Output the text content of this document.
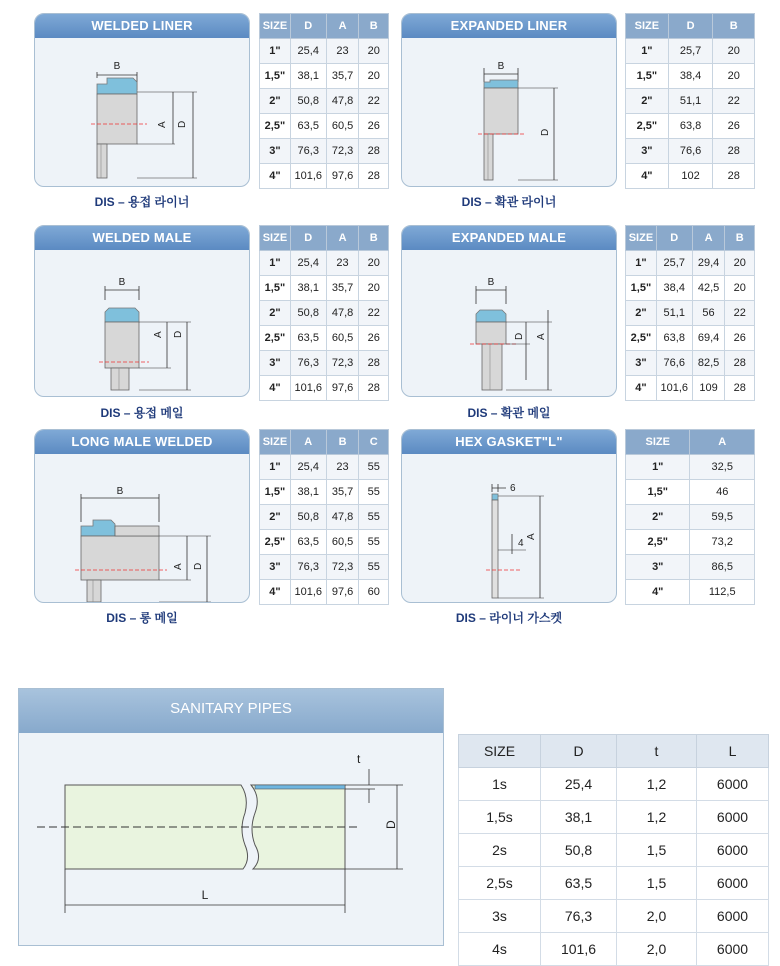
WELDED LINER
B
A D
DIS – 용접 라이너
SIZE	D	A	B
1"	25,4	23	20
1,5"	38,1	35,7	20
2"	50,8	47,8	22
2,5"	63,5	60,5	26
3"	76,3	72,3	28
4"	101,6	97,6	28
EXPANDED LINER
B
D
DIS – 확관 라이너
SIZE	D	B
1"	25,7	20
1,5"	38,4	20
2"	51,1	22
2,5"	63,8	26
3"	76,6	28
4"	102	28
WELDED MALE
B
A D
DIS – 용접 메일
SIZE	D	A	B
1"	25,4	23	20
1,5"	38,1	35,7	20
2"	50,8	47,8	22
2,5"	63,5	60,5	26
3"	76,3	72,3	28
4"	101,6	97,6	28
EXPANDED MALE
B
D A
DIS – 확관 메일
SIZE	D	A	B
1"	25,7	29,4	20
1,5"	38,4	42,5	20
2"	51,1	56	22
2,5"	63,8	69,4	26
3"	76,6	82,5	28
4"	101,6	109	28
LONG MALE WELDED
B
A D
DIS – 롱 메일
SIZE	A	B	C
1"	25,4	23	55
1,5"	38,1	35,7	55
2"	50,8	47,8	55
2,5"	63,5	60,5	55
3"	76,3	72,3	55
4"	101,6	97,6	60
HEX GASKET"L"
6
4
A
DIS – 라이너 가스켓
SIZE	A
1"	32,5
1,5"	46
2"	59,5
2,5"	73,2
3"	86,5
4"	112,5
SANITARY PIPES
t
D
L
SIZE	D	t	L
1s	25,4	1,2	6000
1,5s	38,1	1,2	6000
2s	50,8	1,5	6000
2,5s	63,5	1,5	6000
3s	76,3	2,0	6000
4s	101,6	2,0	6000
